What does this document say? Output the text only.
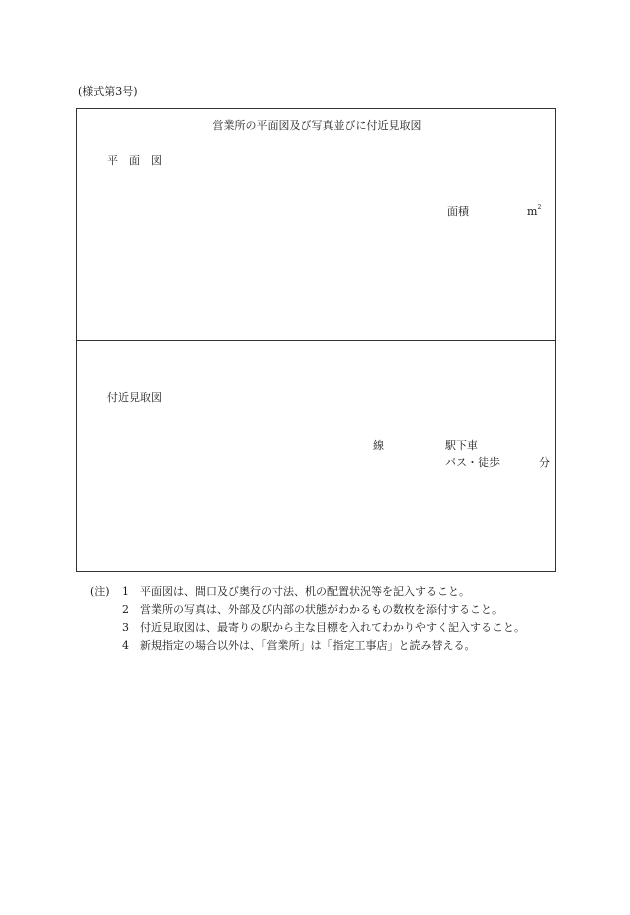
(様式第3号)
営業所の平面図及び写真並びに付近見取図
平　面　図
面積	$m^2$
付近見取図
線	駅下車
バス・徒歩	分
(注)	1	平面図は、間口及び奥行の寸法、机の配置状況等を記入すること。
2	営業所の写真は、外部及び内部の状態がわかるもの数枚を添付すること。
3	付近見取図は、最寄りの駅から主な目標を入れてわかりやすく記入すること。
4	新規指定の場合以外は、「営業所」は「指定工事店」と読み替える。
